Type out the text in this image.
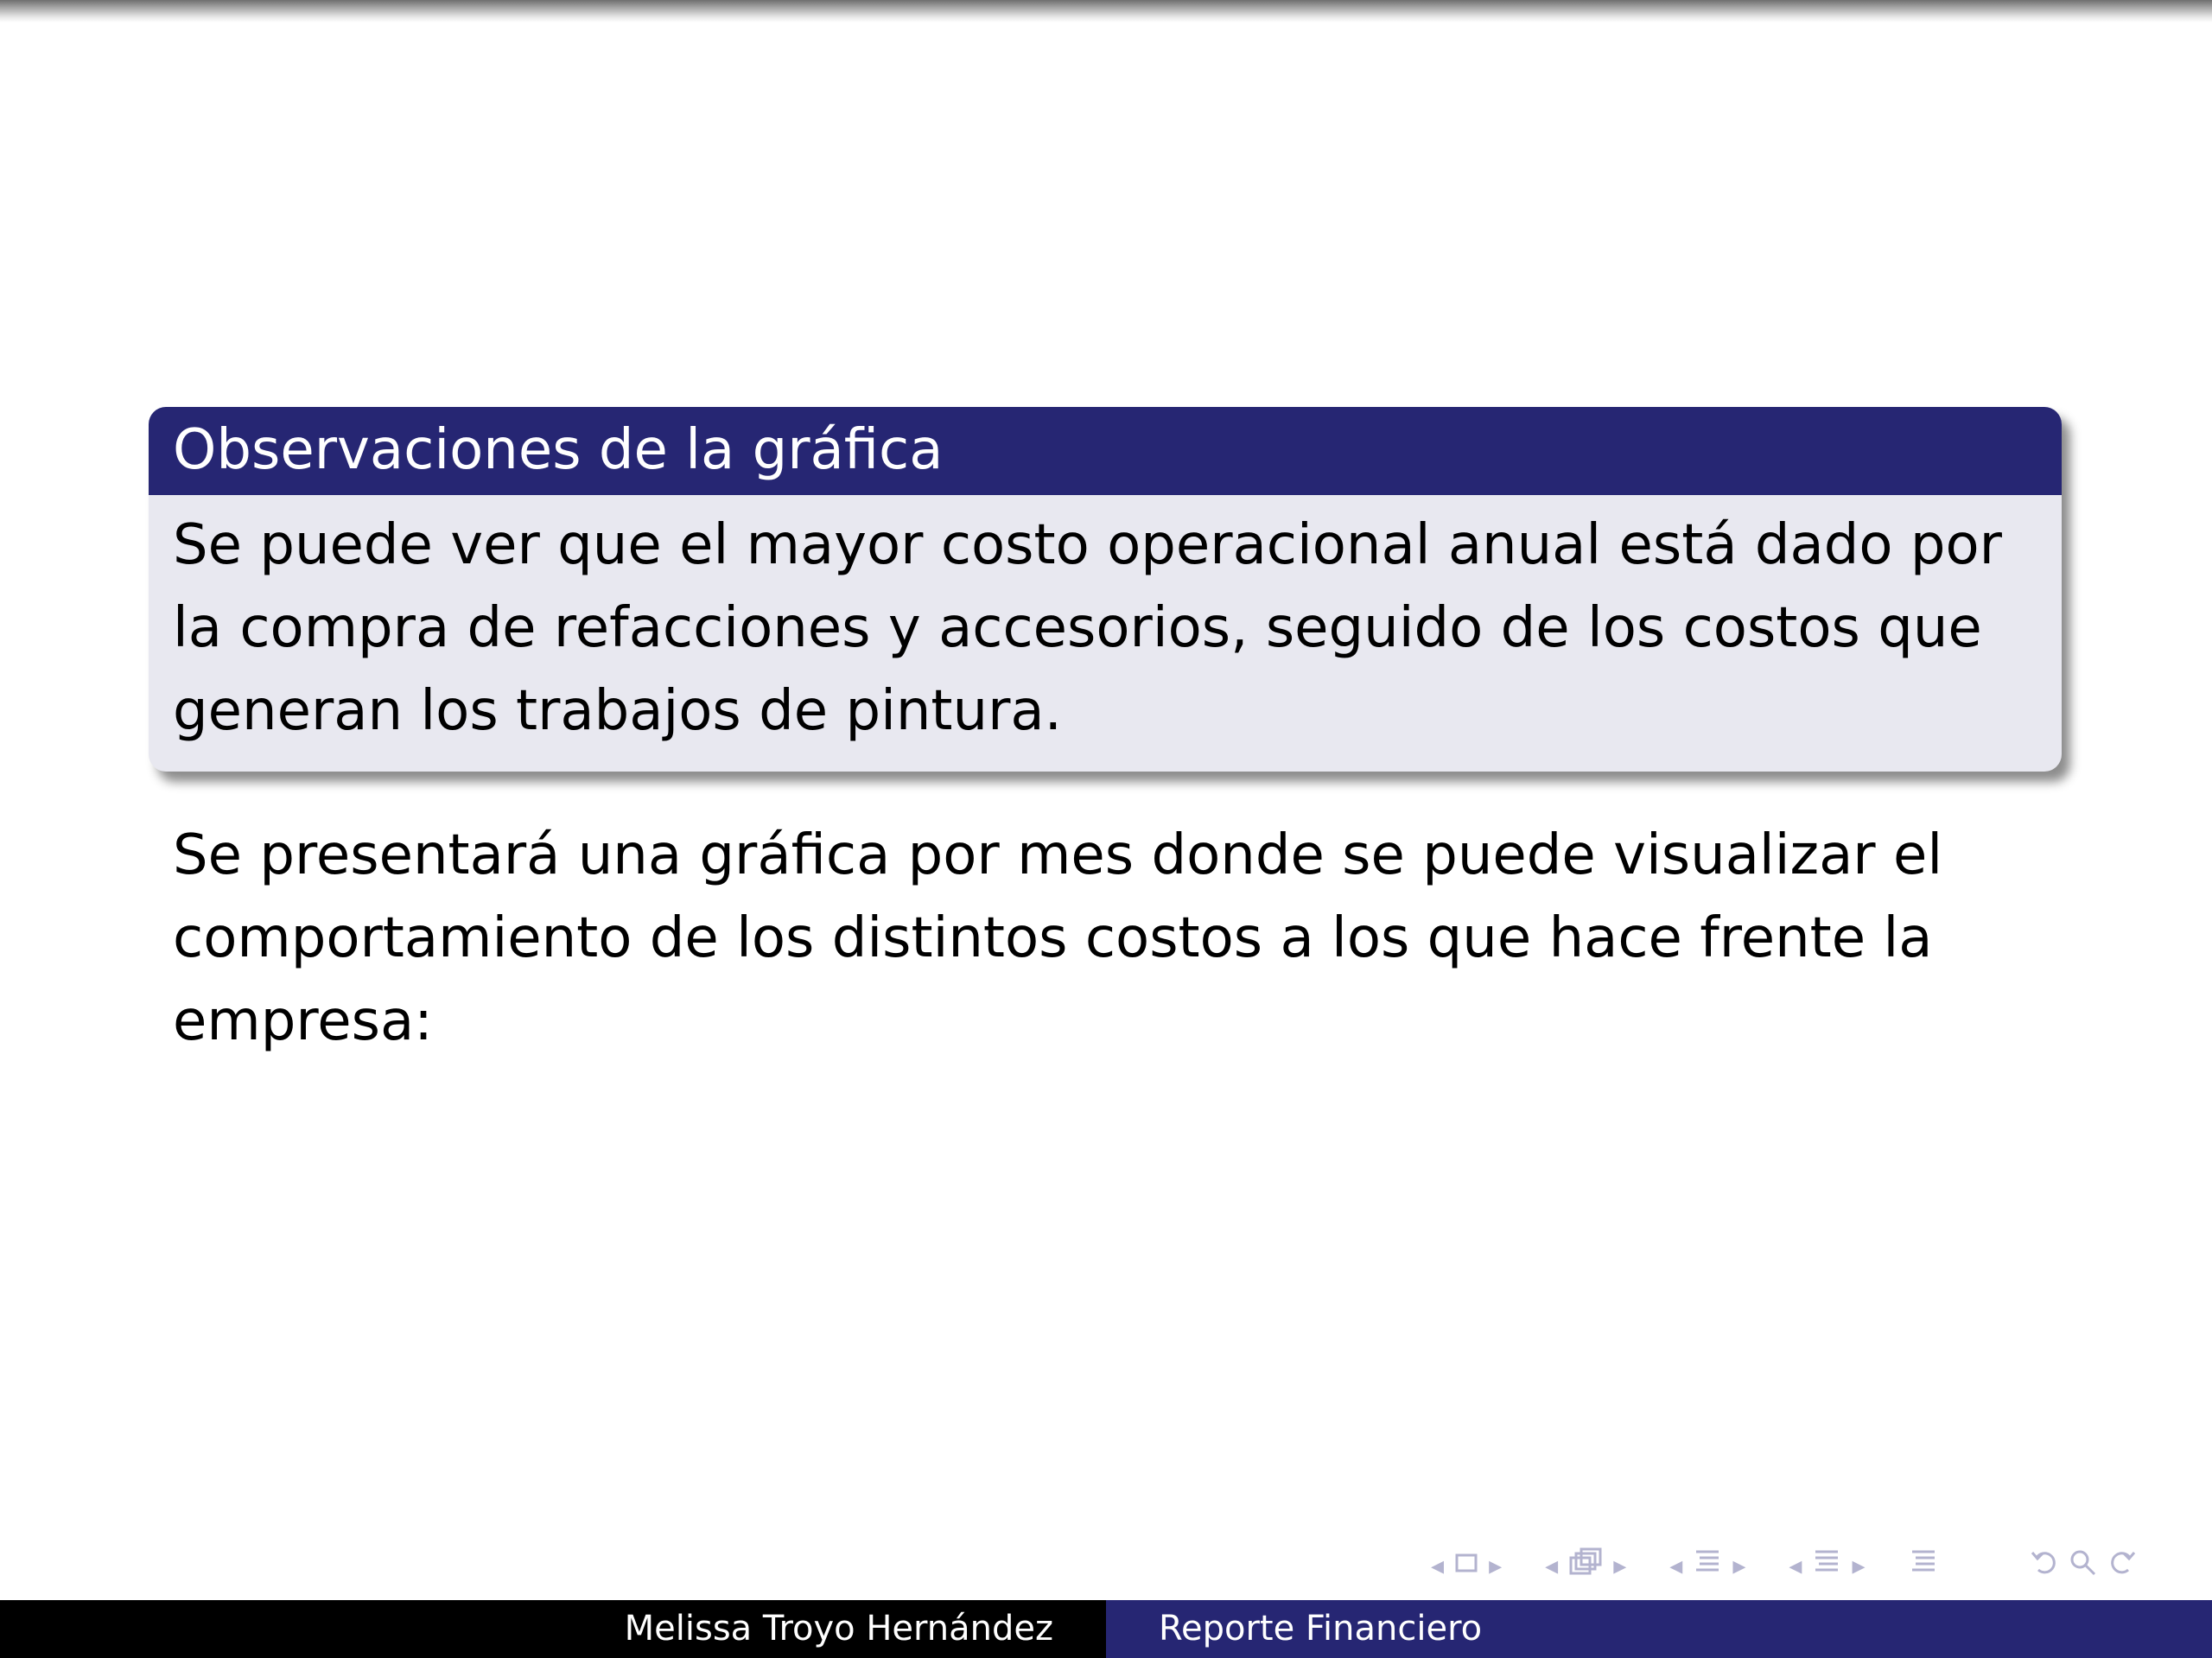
Observaciones de la gráfica
Se puede ver que el mayor costo operacional anual está dado por la compra de refacciones y accesorios, seguido de los costos que generan los trabajos de pintura.
Se presentará una gráfica por mes donde se puede visualizar el comportamiento de los distintos costos a los que hace frente la empresa:
◂ ▸ ◂ ▸ ◂ ▸ ◂ ▸
Melissa Troyo Hernández	Reporte Financiero
